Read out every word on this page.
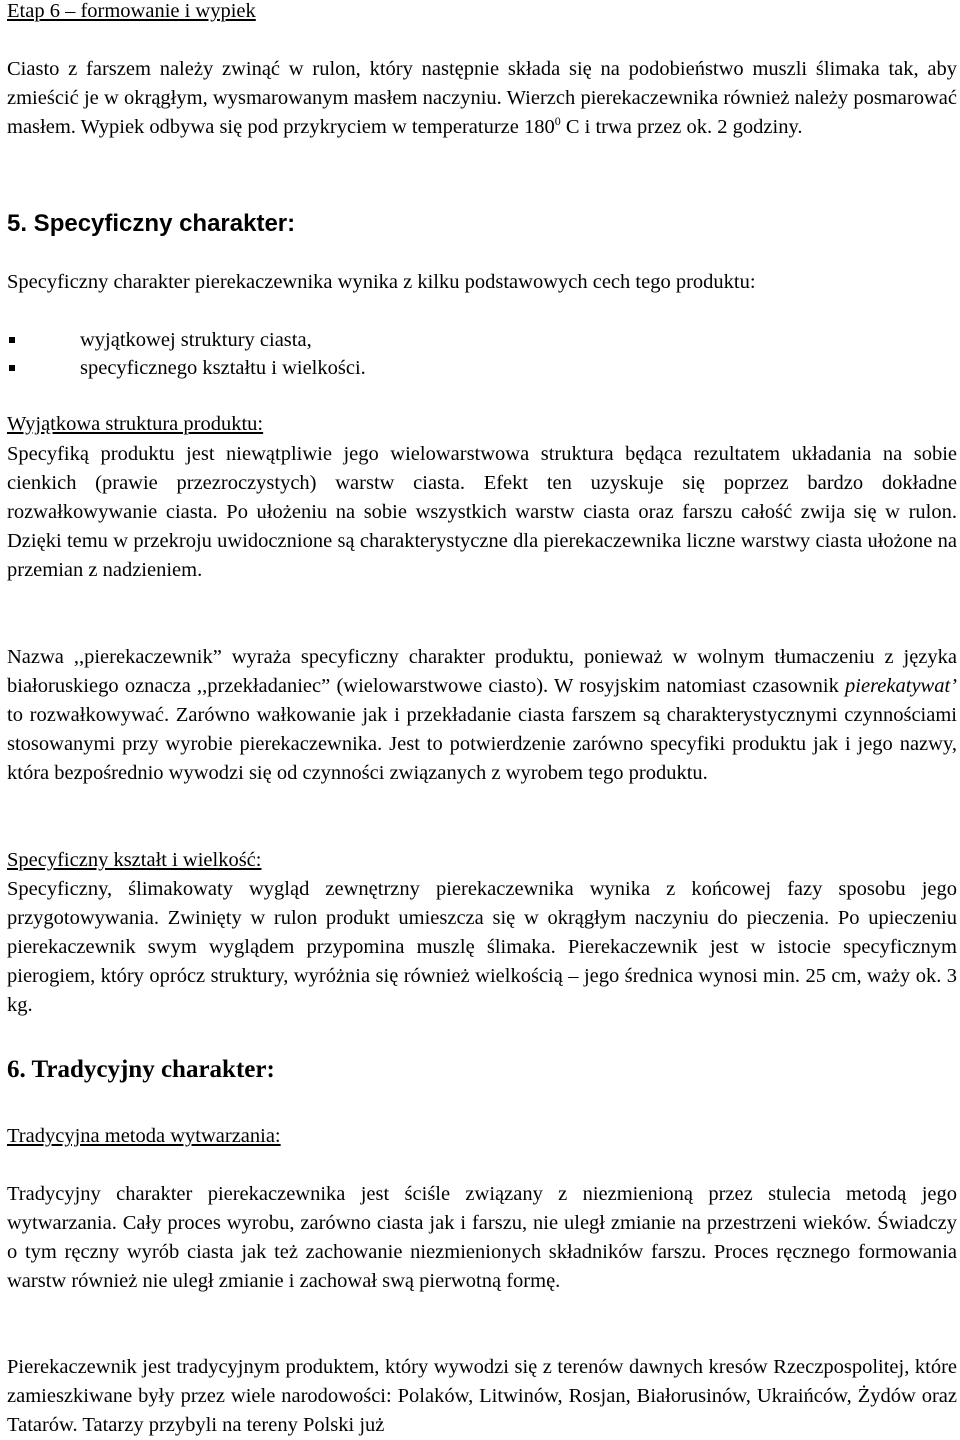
Etap 6 – formowanie i wypiek

Ciasto z farszem należy zwinąć w rulon, który następnie składa się na podobieństwo muszli ślimaka tak, aby zmieścić je w okrągłym, wysmarowanym masłem naczyniu. Wierzch pierekaczewnika również należy posmarować masłem. Wypiek odbywa się pod przykryciem w temperaturze $180^0$ C i trwa przez ok. 2 godziny.

5. Specyficzny charakter:

Specyficzny charakter pierekaczewnika wynika z kilku podstawowych cech tego produktu:

wyjątkowej struktury ciasta,
specyficznego kształtu i wielkości.
Wyjątkowa struktura produktu:

Specyfiką produktu jest niewątpliwie jego wielowarstwowa struktura będąca rezultatem układania na sobie cienkich (prawie przezroczystych) warstw ciasta. Efekt ten uzyskuje się poprzez bardzo dokładne rozwałkowywanie ciasta. Po ułożeniu na sobie wszystkich warstw ciasta oraz farszu całość zwija się w rulon. Dzięki temu w przekroju uwidocznione są charakterystyczne dla pierekaczewnika liczne warstwy ciasta ułożone na przemian z nadzieniem.

Nazwa ,,pierekaczewnik” wyraża specyficzny charakter produktu, ponieważ w wolnym tłumaczeniu z języka białoruskiego oznacza ,,przekładaniec” (wielowarstwowe ciasto). W rosyjskim natomiast czasownik pierekatywat’ to rozwałkowywać. Zarówno wałkowanie jak i przekładanie ciasta farszem są charakterystycznymi czynnościami stosowanymi przy wyrobie pierekaczewnika. Jest to potwierdzenie zarówno specyfiki produktu jak i jego nazwy, która bezpośrednio wywodzi się od czynności związanych z wyrobem tego produktu.

Specyficzny kształt i wielkość:

Specyficzny, ślimakowaty wygląd zewnętrzny pierekaczewnika wynika z końcowej fazy sposobu jego przygotowywania. Zwinięty w rulon produkt umieszcza się w okrągłym naczyniu do pieczenia. Po upieczeniu pierekaczewnik swym wyglądem przypomina muszlę ślimaka. Pierekaczewnik jest w istocie specyficznym pierogiem, który oprócz struktury, wyróżnia się również wielkością – jego średnica wynosi min. 25 cm, waży ok. 3 kg.

6. Tradycyjny charakter:
Tradycyjna metoda wytwarzania:

Tradycyjny charakter pierekaczewnika jest ściśle związany z niezmienioną przez stulecia metodą jego wytwarzania. Cały proces wyrobu, zarówno ciasta jak i farszu, nie uległ zmianie na przestrzeni wieków. Świadczy o tym ręczny wyrób ciasta jak też zachowanie niezmienionych składników farszu. Proces ręcznego formowania warstw również nie uległ zmianie i zachował swą pierwotną formę.

Pierekaczewnik jest tradycyjnym produktem, który wywodzi się z terenów dawnych kresów Rzeczpospolitej, które zamieszkiwane były przez wiele narodowości: Polaków, Litwinów, Rosjan, Białorusinów, Ukraińców, Żydów oraz Tatarów. Tatarzy przybyli na tereny Polski już
